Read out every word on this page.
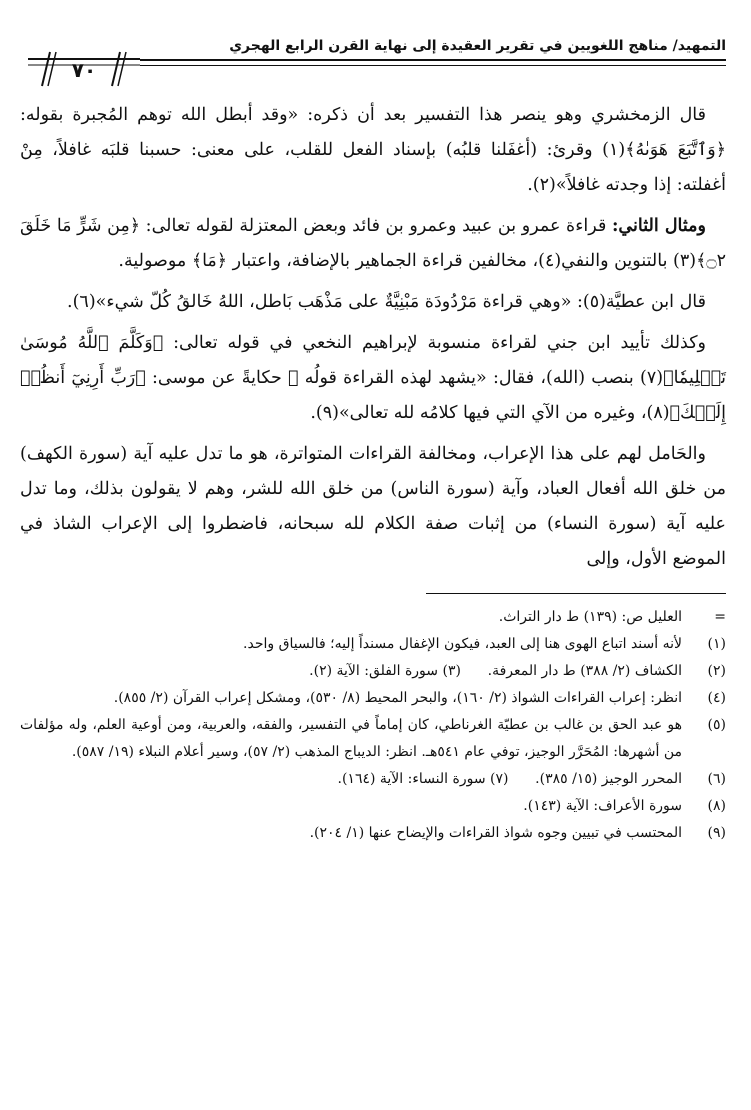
التمهيد/ مناهج اللغويين في تقرير العقيدة إلى نهاية القرن الرابع الهجري
٧٠

قال الزمخشري وهو ينصر هذا التفسير بعد أن ذكره: «وقد أبطل الله توهم المُجبرة بقوله: ﴿وَٱتَّبَعَ هَوَىٰهُ﴾(١) وقرئ: (أغفَلنا قلبُه) بإسناد الفعل للقلب، على معنى: حسبنا قلبَه غافلاً، مِنْ أغفلته: إذا وجدته غافلاً»(٢).

ومثال الثاني: قراءة عمرو بن عبيد وعمرو بن فائد وبعض المعتزلة لقوله تعالى: ﴿مِن شَرٍّ مَا خَلَقَ ۝٢﴾(٣) بالتنوين والنفي(٤)، مخالفين قراءة الجماهير بالإضافة، واعتبار ﴿مَا﴾ موصولية.

قال ابن عطيَّة(٥): «وهي قراءة مَرْدُودَة مَبْنِيَّةٌ على مَذْهَب بَاطل، اللهُ خَالقُ كُلّ شيء»(٦).

وكذلك تأييد ابن جني لقراءة منسوبة لإبراهيم النخعي في قوله تعالى: ﴿وَكَلَّمَ ٱللَّهُ مُوسَىٰ تَكۡلِيمٗا﴾(٧) بنصب (الله)، فقال: «يشهد لهذه القراءة قولُه ﷺ حكايةً عن موسى: ﴿رَبِّ أَرِنِيٓ أَنظُرۡ إِلَيۡكَ﴾(٨)، وغيره من الآي التي فيها كلامُه لله تعالى»(٩).

والحَامل لهم على هذا الإعراب، ومخالفة القراءات المتواترة، هو ما تدل عليه آية (سورة الكهف) من خلق الله أفعال العباد، وآية (سورة الناس) من خلق الله للشر، وهم لا يقولون بذلك، وما تدل عليه آية (سورة النساء) من إثبات صفة الكلام لله سبحانه، فاضطروا إلى الإعراب الشاذ في الموضع الأول، وإلى

=
العليل ص: (١٣٩) ط دار التراث.
(١)
لأنه أسند اتباع الهوى هنا إلى العبد، فيكون الإغفال مسنداً إليه؛ فالسياق واحد.
(٢)
الكشاف (٢/ ٣٨٨) ط دار المعرفة.      (٣) سورة الفلق: الآية (٢).
(٤)
انظر: إعراب القراءات الشواذ (٢/ ١٦٠)، والبحر المحيط (٨/ ٥٣٠)، ومشكل إعراب القرآن (٢/ ٨٥٥).
(٥)
هو عبد الحق بن غالب بن عطيّة الغرناطي، كان إماماً في التفسير، والفقه، والعربية، ومن أوعية العلم، وله مؤلفات من أشهرها: المُحَرَّر الوجيز، توفي عام ٥٤١هـ. انظر: الديباج المذهب (٢/ ٥٧)، وسير أعلام النبلاء (١٩/ ٥٨٧).
(٦)
المحرر الوجيز (١٥/ ٣٨٥).      (٧) سورة النساء: الآية (١٦٤).
(٨)
سورة الأعراف: الآية (١٤٣).
(٩)
المحتسب في تبيين وجوه شواذ القراءات والإيضاح عنها (١/ ٢٠٤).
